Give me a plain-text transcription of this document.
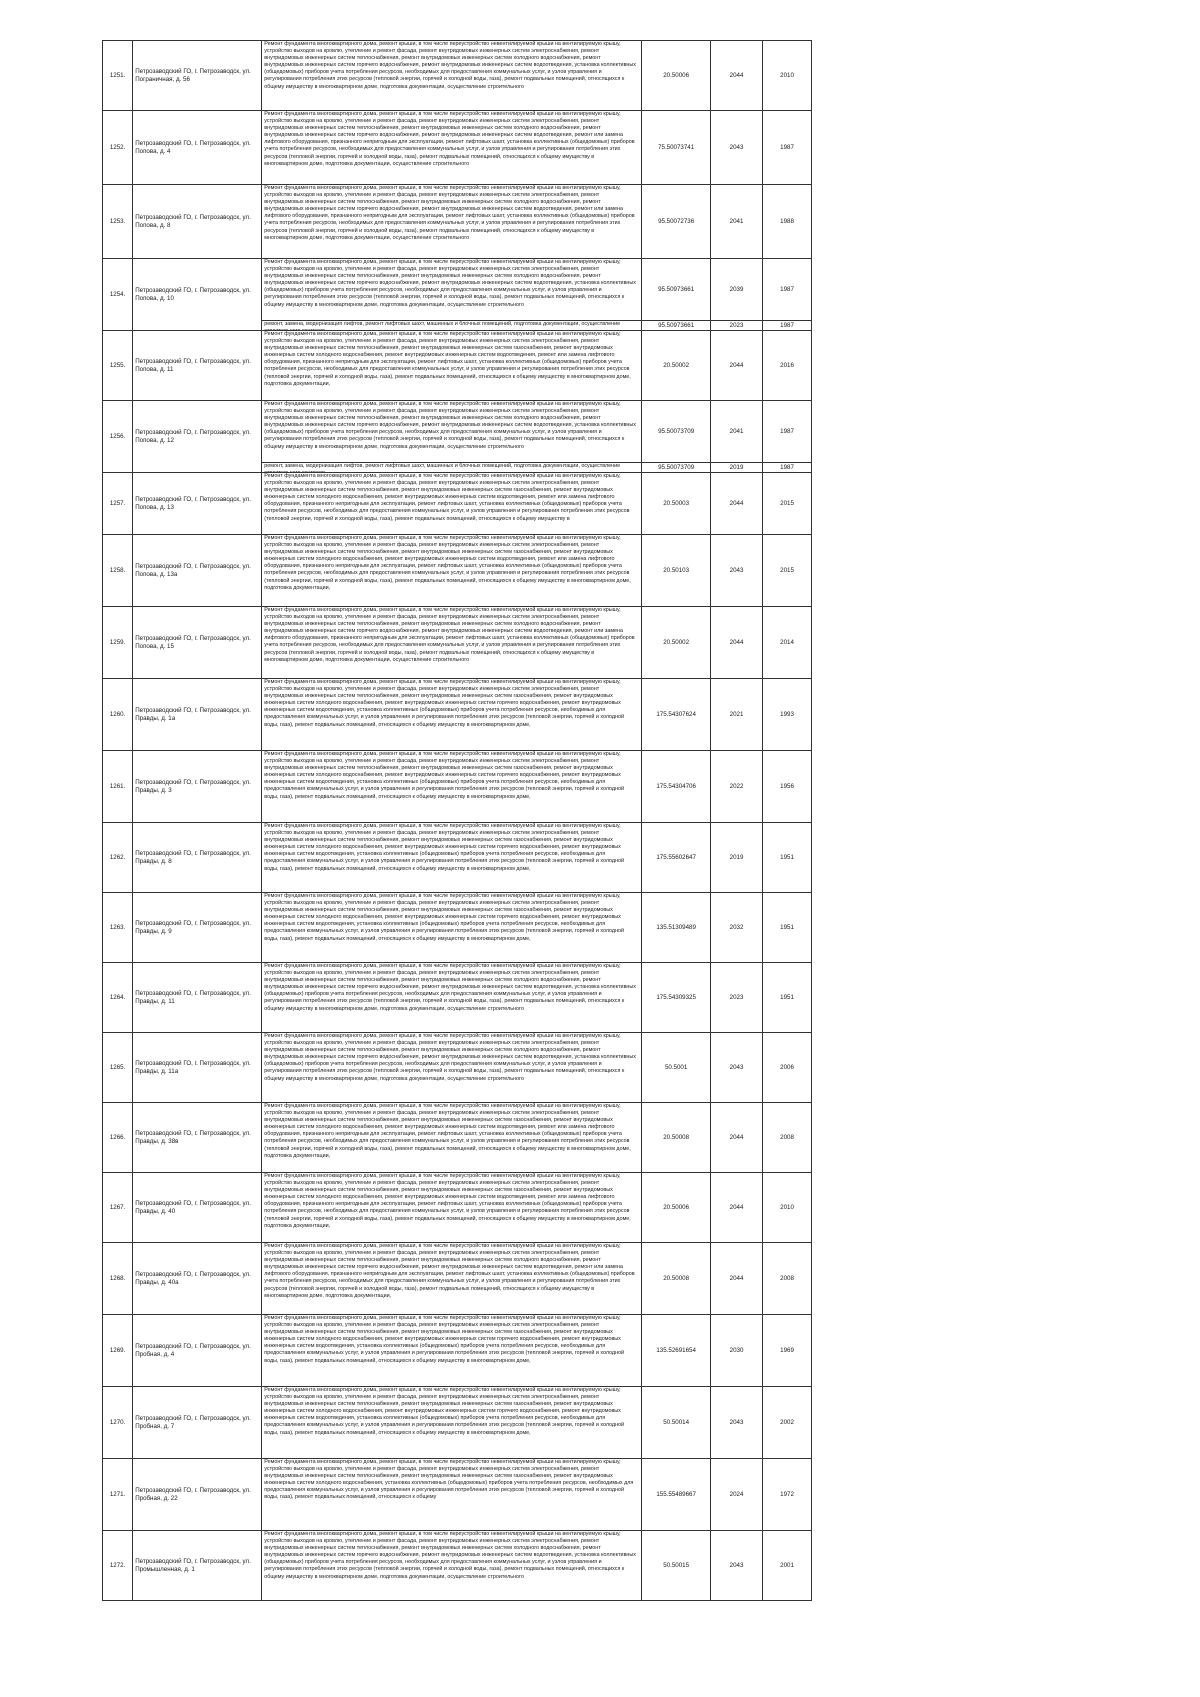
1251.	Петрозаводский ГО, г. Петрозаводск, ул. Пограничная, д. 56	Ремонт фундамента многоквартирного дома, ремонт крыши, в том числе переустройство невентилируемой крыши на вентилируемую крышу, устройство выходов на кровлю, утепление и ремонт фасада, ремонт внутридомовых инженерных систем электроснабжения, ремонт внутридомовых инженерных систем теплоснабжения, ремонт внутридомовых инженерных систем холодного водоснабжения, ремонт внутридомовых инженерных систем горячего водоснабжения, ремонт внутридомовых инженерных систем водоотведения, установка коллективных (общедомовых) приборов учета потребления ресурсов, необходимых для предоставления коммунальных услуг, и узлов управления и регулирования потребления этих ресурсов (тепловой энергии, горячей и холодной воды, газа), ремонт подвальных помещений, относящихся к общему имуществу в многоквартирном доме, подготовка документации, осуществление строительного	20.50006	2044	2010
1252.	Петрозаводский ГО, г. Петрозаводск, ул. Попова, д. 4	Ремонт фундамента многоквартирного дома, ремонт крыши, в том числе переустройство невентилируемой крыши на вентилируемую крышу, устройство выходов на кровлю, утепление и ремонт фасада, ремонт внутридомовых инженерных систем электроснабжения, ремонт внутридомовых инженерных систем теплоснабжения, ремонт внутридомовых инженерных систем холодного водоснабжения, ремонт внутридомовых инженерных систем горячего водоснабжения, ремонт внутридомовых инженерных систем водоотведения, ремонт или замена лифтового оборудования, признанного непригодным для эксплуатации, ремонт лифтовых шахт, установка коллективных (общедомовых) приборов учета потребления ресурсов, необходимых для предоставления коммунальных услуг, и узлов управления и регулирования потребления этих ресурсов (тепловой энергии, горячей и холодной воды, газа), ремонт подвальных помещений, относящихся к общему имуществу в многоквартирном доме, подготовка документации, осуществление строительного	75.50073741	2043	1987
1253.	Петрозаводский ГО, г. Петрозаводск, ул. Попова, д. 8	Ремонт фундамента многоквартирного дома, ремонт крыши, в том числе переустройство невентилируемой крыши на вентилируемую крышу, устройство выходов на кровлю, утепление и ремонт фасада, ремонт внутридомовых инженерных систем электроснабжения, ремонт внутридомовых инженерных систем теплоснабжения, ремонт внутридомовых инженерных систем холодного водоснабжения, ремонт внутридомовых инженерных систем горячего водоснабжения, ремонт внутридомовых инженерных систем водоотведения, ремонт или замена лифтового оборудования, признанного непригодным для эксплуатации, ремонт лифтовых шахт, установка коллективных (общедомовых) приборов учета потребления ресурсов, необходимых для предоставления коммунальных услуг, и узлов управления и регулирования потребления этих ресурсов (тепловой энергии, горячей и холодной воды, газа), ремонт подвальных помещений, относящихся к общему имуществу в многоквартирном доме, подготовка документации, осуществление строительного	95.50072736	2041	1988
1254.	Петрозаводский ГО, г. Петрозаводск, ул. Попова, д. 10	Ремонт фундамента многоквартирного дома, ремонт крыши, в том числе переустройство невентилируемой крыши на вентилируемую крышу, устройство выходов на кровлю, утепление и ремонт фасада, ремонт внутридомовых инженерных систем электроснабжения, ремонт внутридомовых инженерных систем теплоснабжения, ремонт внутридомовых инженерных систем холодного водоснабжения, ремонт внутридомовых инженерных систем горячего водоснабжения, ремонт внутридомовых инженерных систем водоотведения, установка коллективных (общедомовых) приборов учета потребления ресурсов, необходимых для предоставления коммунальных услуг, и узлов управления и регулирования потребления этих ресурсов (тепловой энергии, горячей и холодной воды, газа), ремонт подвальных помещений, относящихся к общему имуществу в многоквартирном доме, подготовка документации, осуществление строительного	95.50973661	2039	1987

		ремонт, замена, модернизация лифтов, ремонт лифтовых шахт, машинных и блочных помещений, подготовка документации, осуществление	95.50973661	2023	1987
1255.	Петрозаводский ГО, г. Петрозаводск, ул. Попова, д. 11	Ремонт фундамента многоквартирного дома, ремонт крыши, в том числе переустройство невентилируемой крыши на вентилируемую крышу, устройство выходов на кровлю, утепление и ремонт фасада, ремонт внутридомовых инженерных систем электроснабжения, ремонт внутридомовых инженерных систем теплоснабжения, ремонт внутридомовых инженерных систем газоснабжения, ремонт внутридомовых инженерных систем холодного водоснабжения, ремонт внутридомовых инженерных систем водоотведения, ремонт или замена лифтового оборудования, признанного непригодным для эксплуатации, ремонт лифтовых шахт, установка коллективных (общедомовых) приборов учета потребления ресурсов, необходимых для предоставления коммунальных услуг, и узлов управления и регулирования потребления этих ресурсов (тепловой энергии, горячей и холодной воды, газа), ремонт подвальных помещений, относящихся к общему имуществу в многоквартирном доме, подготовка документации,	20.50002	2044	2016
1256.	Петрозаводский ГО, г. Петрозаводск, ул. Попова, д. 12	Ремонт фундамента многоквартирного дома, ремонт крыши, в том числе переустройство невентилируемой крыши на вентилируемую крышу, устройство выходов на кровлю, утепление и ремонт фасада, ремонт внутридомовых инженерных систем электроснабжения, ремонт внутридомовых инженерных систем теплоснабжения, ремонт внутридомовых инженерных систем холодного водоснабжения, ремонт внутридомовых инженерных систем горячего водоснабжения, ремонт внутридомовых инженерных систем водоотведения, установка коллективных (общедомовых) приборов учета потребления ресурсов, необходимых для предоставления коммунальных услуг, и узлов управления и регулирования потребления этих ресурсов (тепловой энергии, горячей и холодной воды, газа), ремонт подвальных помещений, относящихся к общему имуществу в многоквартирном доме, подготовка документации, осуществление строительного	95.50073709	2041	1987

		ремонт, замена, модернизация лифтов, ремонт лифтовых шахт, машинных и блочных помещений, подготовка документации, осуществление	95.50073709	2019	1987
1257.	Петрозаводский ГО, г. Петрозаводск, ул. Попова, д. 13	Ремонт фундамента многоквартирного дома, ремонт крыши, в том числе переустройство невентилируемой крыши на вентилируемую крышу, устройство выходов на кровлю, утепление и ремонт фасада, ремонт внутридомовых инженерных систем электроснабжения, ремонт внутридомовых инженерных систем теплоснабжения, ремонт внутридомовых инженерных систем газоснабжения, ремонт внутридомовых инженерных систем холодного водоснабжения, ремонт внутридомовых инженерных систем водоотведения, ремонт или замена лифтового оборудования, признанного непригодным для эксплуатации, ремонт лифтовых шахт, установка коллективных (общедомовых) приборов учета потребления ресурсов, необходимых для предоставления коммунальных услуг, и узлов управления и регулирования потребления этих ресурсов (тепловой энергии, горячей и холодной воды, газа), ремонт подвальных помещений, относящихся к общему имуществу в	20.50003	2044	2015
1258.	Петрозаводский ГО, г. Петрозаводск, ул. Попова, д. 13а	Ремонт фундамента многоквартирного дома, ремонт крыши, в том числе переустройство невентилируемой крыши на вентилируемую крышу, устройство выходов на кровлю, утепление и ремонт фасада, ремонт внутридомовых инженерных систем электроснабжения, ремонт внутридомовых инженерных систем теплоснабжения, ремонт внутридомовых инженерных систем газоснабжения, ремонт внутридомовых инженерных систем холодного водоснабжения, ремонт внутридомовых инженерных систем водоотведения, ремонт или замена лифтового оборудования, признанного непригодным для эксплуатации, ремонт лифтовых шахт, установка коллективных (общедомовых) приборов учета потребления ресурсов, необходимых для предоставления коммунальных услуг, и узлов управления и регулирования потребления этих ресурсов (тепловой энергии, горячей и холодной воды, газа), ремонт подвальных помещений, относящихся к общему имуществу в многоквартирном доме, подготовка документации,	20.50103	2043	2015
1259.	Петрозаводский ГО, г. Петрозаводск, ул. Попова, д. 15	Ремонт фундамента многоквартирного дома, ремонт крыши, в том числе переустройство невентилируемой крыши на вентилируемую крышу, устройство выходов на кровлю, утепление и ремонт фасада, ремонт внутридомовых инженерных систем электроснабжения, ремонт внутридомовых инженерных систем теплоснабжения, ремонт внутридомовых инженерных систем холодного водоснабжения, ремонт внутридомовых инженерных систем горячего водоснабжения, ремонт внутридомовых инженерных систем водоотведения, ремонт или замена лифтового оборудования, признанного непригодным для эксплуатации, ремонт лифтовых шахт, установка коллективных (общедомовых) приборов учета потребления ресурсов, необходимых для предоставления коммунальных услуг, и узлов управления и регулирования потребления этих ресурсов (тепловой энергии, горячей и холодной воды, газа), ремонт подвальных помещений, относящихся к общему имуществу в многоквартирном доме, подготовка документации, осуществление строительного	20.50002	2044	2014
1260.	Петрозаводский ГО, г. Петрозаводск, ул. Правды, д. 1а	Ремонт фундамента многоквартирного дома, ремонт крыши, в том числе переустройство невентилируемой крыши на вентилируемую крышу, устройство выходов на кровлю, утепление и ремонт фасада, ремонт внутридомовых инженерных систем электроснабжения, ремонт внутридомовых инженерных систем теплоснабжения, ремонт внутридомовых инженерных систем газоснабжения, ремонт внутридомовых инженерных систем холодного водоснабжения, ремонт внутридомовых инженерных систем горячего водоснабжения, ремонт внутридомовых инженерных систем водоотведения, установка коллективных (общедомовых) приборов учета потребления ресурсов, необходимых для предоставления коммунальных услуг, и узлов управления и регулирования потребления этих ресурсов (тепловой энергии, горячей и холодной воды, газа), ремонт подвальных помещений, относящихся к общему имуществу в многоквартирном доме,	175.54307624	2021	1993
1261.	Петрозаводский ГО, г. Петрозаводск, ул. Правды, д. 3	Ремонт фундамента многоквартирного дома, ремонт крыши, в том числе переустройство невентилируемой крыши на вентилируемую крышу, устройство выходов на кровлю, утепление и ремонт фасада, ремонт внутридомовых инженерных систем электроснабжения, ремонт внутридомовых инженерных систем теплоснабжения, ремонт внутридомовых инженерных систем газоснабжения, ремонт внутридомовых инженерных систем холодного водоснабжения, ремонт внутридомовых инженерных систем горячего водоснабжения, ремонт внутридомовых инженерных систем водоотведения, установка коллективных (общедомовых) приборов учета потребления ресурсов, необходимых для предоставления коммунальных услуг, и узлов управления и регулирования потребления этих ресурсов (тепловой энергии, горячей и холодной воды, газа), ремонт подвальных помещений, относящихся к общему имуществу в многоквартирном доме,	175.54304706	2022	1956
1262.	Петрозаводский ГО, г. Петрозаводск, ул. Правды, д. 8	Ремонт фундамента многоквартирного дома, ремонт крыши, в том числе переустройство невентилируемой крыши на вентилируемую крышу, устройство выходов на кровлю, утепление и ремонт фасада, ремонт внутридомовых инженерных систем электроснабжения, ремонт внутридомовых инженерных систем теплоснабжения, ремонт внутридомовых инженерных систем газоснабжения, ремонт внутридомовых инженерных систем холодного водоснабжения, ремонт внутридомовых инженерных систем горячего водоснабжения, ремонт внутридомовых инженерных систем водоотведения, установка коллективных (общедомовых) приборов учета потребления ресурсов, необходимых для предоставления коммунальных услуг, и узлов управления и регулирования потребления этих ресурсов (тепловой энергии, горячей и холодной воды, газа), ремонт подвальных помещений, относящихся к общему имуществу в многоквартирном доме,	175.55602647	2019	1951
1263.	Петрозаводский ГО, г. Петрозаводск, ул. Правды, д. 9	Ремонт фундамента многоквартирного дома, ремонт крыши, в том числе переустройство невентилируемой крыши на вентилируемую крышу, устройство выходов на кровлю, утепление и ремонт фасада, ремонт внутридомовых инженерных систем электроснабжения, ремонт внутридомовых инженерных систем теплоснабжения, ремонт внутридомовых инженерных систем газоснабжения, ремонт внутридомовых инженерных систем холодного водоснабжения, ремонт внутридомовых инженерных систем горячего водоснабжения, ремонт внутридомовых инженерных систем водоотведения, установка коллективных (общедомовых) приборов учета потребления ресурсов, необходимых для предоставления коммунальных услуг, и узлов управления и регулирования потребления этих ресурсов (тепловой энергии, горячей и холодной воды, газа), ремонт подвальных помещений, относящихся к общему имуществу в многоквартирном доме,	135.51309489	2032	1951
1264.	Петрозаводский ГО, г. Петрозаводск, ул. Правды, д. 11	Ремонт фундамента многоквартирного дома, ремонт крыши, в том числе переустройство невентилируемой крыши на вентилируемую крышу, устройство выходов на кровлю, утепление и ремонт фасада, ремонт внутридомовых инженерных систем электроснабжения, ремонт внутридомовых инженерных систем теплоснабжения, ремонт внутридомовых инженерных систем холодного водоснабжения, ремонт внутридомовых инженерных систем горячего водоснабжения, ремонт внутридомовых инженерных систем водоотведения, установка коллективных (общедомовых) приборов учета потребления ресурсов, необходимых для предоставления коммунальных услуг, и узлов управления и регулирования потребления этих ресурсов (тепловой энергии, горячей и холодной воды, газа), ремонт подвальных помещений, относящихся к общему имуществу в многоквартирном доме, подготовка документации, осуществление строительного	175.54309325	2023	1951
1265.	Петрозаводский ГО, г. Петрозаводск, ул. Правды, д. 11а	Ремонт фундамента многоквартирного дома, ремонт крыши, в том числе переустройство невентилируемой крыши на вентилируемую крышу, устройство выходов на кровлю, утепление и ремонт фасада, ремонт внутридомовых инженерных систем электроснабжения, ремонт внутридомовых инженерных систем теплоснабжения, ремонт внутридомовых инженерных систем холодного водоснабжения, ремонт внутридомовых инженерных систем горячего водоснабжения, ремонт внутридомовых инженерных систем водоотведения, установка коллективных (общедомовых) приборов учета потребления ресурсов, необходимых для предоставления коммунальных услуг, и узлов управления и регулирования потребления этих ресурсов (тепловой энергии, горячей и холодной воды, газа), ремонт подвальных помещений, относящихся к общему имуществу в многоквартирном доме, подготовка документации, осуществление строительного	50.5001	2043	2006
1266.	Петрозаводский ГО, г. Петрозаводск, ул. Правды, д. 38в	Ремонт фундамента многоквартирного дома, ремонт крыши, в том числе переустройство невентилируемой крыши на вентилируемую крышу, устройство выходов на кровлю, утепление и ремонт фасада, ремонт внутридомовых инженерных систем электроснабжения, ремонт внутридомовых инженерных систем теплоснабжения, ремонт внутридомовых инженерных систем газоснабжения, ремонт внутридомовых инженерных систем холодного водоснабжения, ремонт внутридомовых инженерных систем водоотведения, ремонт или замена лифтового оборудования, признанного непригодным для эксплуатации, ремонт лифтовых шахт, установка коллективных (общедомовых) приборов учета потребления ресурсов, необходимых для предоставления коммунальных услуг, и узлов управления и регулирования потребления этих ресурсов (тепловой энергии, горячей и холодной воды, газа), ремонт подвальных помещений, относящихся к общему имуществу в многоквартирном доме, подготовка документации,	20.50008	2044	2008
1267.	Петрозаводский ГО, г. Петрозаводск, ул. Правды, д. 40	Ремонт фундамента многоквартирного дома, ремонт крыши, в том числе переустройство невентилируемой крыши на вентилируемую крышу, устройство выходов на кровлю, утепление и ремонт фасада, ремонт внутридомовых инженерных систем электроснабжения, ремонт внутридомовых инженерных систем теплоснабжения, ремонт внутридомовых инженерных систем газоснабжения, ремонт внутридомовых инженерных систем холодного водоснабжения, ремонт внутридомовых инженерных систем водоотведения, ремонт или замена лифтового оборудования, признанного непригодным для эксплуатации, ремонт лифтовых шахт, установка коллективных (общедомовых) приборов учета потребления ресурсов, необходимых для предоставления коммунальных услуг, и узлов управления и регулирования потребления этих ресурсов (тепловой энергии, горячей и холодной воды, газа), ремонт подвальных помещений, относящихся к общему имуществу в многоквартирном доме, подготовка документации,	20.50006	2044	2010
1268.	Петрозаводский ГО, г. Петрозаводск, ул. Правды, д. 40а	Ремонт фундамента многоквартирного дома, ремонт крыши, в том числе переустройство невентилируемой крыши на вентилируемую крышу, устройство выходов на кровлю, утепление и ремонт фасада, ремонт внутридомовых инженерных систем электроснабжения, ремонт внутридомовых инженерных систем теплоснабжения, ремонт внутридомовых инженерных систем холодного водоснабжения, ремонт внутридомовых инженерных систем горячего водоснабжения, ремонт внутридомовых инженерных систем водоотведения, ремонт или замена лифтового оборудования, признанного непригодным для эксплуатации, ремонт лифтовых шахт, установка коллективных (общедомовых) приборов учета потребления ресурсов, необходимых для предоставления коммунальных услуг, и узлов управления и регулирования потребления этих ресурсов (тепловой энергии, горячей и холодной воды, газа), ремонт подвальных помещений, относящихся к общему имуществу в многоквартирном доме, подготовка документации,	20.50008	2044	2008
1269.	Петрозаводский ГО, г. Петрозаводск, ул. Пробная, д. 4	Ремонт фундамента многоквартирного дома, ремонт крыши, в том числе переустройство невентилируемой крыши на вентилируемую крышу, устройство выходов на кровлю, утепление и ремонт фасада, ремонт внутридомовых инженерных систем электроснабжения, ремонт внутридомовых инженерных систем теплоснабжения, ремонт внутридомовых инженерных систем газоснабжения, ремонт внутридомовых инженерных систем холодного водоснабжения, ремонт внутридомовых инженерных систем горячего водоснабжения, ремонт внутридомовых инженерных систем водоотведения, установка коллективных (общедомовых) приборов учета потребления ресурсов, необходимых для предоставления коммунальных услуг, и узлов управления и регулирования потребления этих ресурсов (тепловой энергии, горячей и холодной воды, газа), ремонт подвальных помещений, относящихся к общему имуществу в многоквартирном доме,	135.52691654	2030	1969
1270.	Петрозаводский ГО, г. Петрозаводск, ул. Пробная, д. 7	Ремонт фундамента многоквартирного дома, ремонт крыши, в том числе переустройство невентилируемой крыши на вентилируемую крышу, устройство выходов на кровлю, утепление и ремонт фасада, ремонт внутридомовых инженерных систем электроснабжения, ремонт внутридомовых инженерных систем теплоснабжения, ремонт внутридомовых инженерных систем газоснабжения, ремонт внутридомовых инженерных систем холодного водоснабжения, ремонт внутридомовых инженерных систем горячего водоснабжения, ремонт внутридомовых инженерных систем водоотведения, установка коллективных (общедомовых) приборов учета потребления ресурсов, необходимых для предоставления коммунальных услуг, и узлов управления и регулирования потребления этих ресурсов (тепловой энергии, горячей и холодной воды, газа), ремонт подвальных помещений, относящихся к общему имуществу в многоквартирном доме,	50.50014	2043	2002
1271.	Петрозаводский ГО, г. Петрозаводск, ул. Пробная, д. 22	Ремонт фундамента многоквартирного дома, ремонт крыши, в том числе переустройство невентилируемой крыши на вентилируемую крышу, устройство выходов на кровлю, утепление и ремонт фасада, ремонт внутридомовых инженерных систем электроснабжения, ремонт внутридомовых инженерных систем теплоснабжения, ремонт внутридомовых инженерных систем газоснабжения, ремонт внутридомовых инженерных систем холодного водоснабжения, установка коллективных (общедомовых) приборов учета потребления ресурсов, необходимых для предоставления коммунальных услуг, и узлов управления и регулирования потребления этих ресурсов (тепловой энергии, горячей и холодной воды, газа), ремонт подвальных помещений, относящихся к общему	155.55489667	2024	1972
1272.	Петрозаводский ГО, г. Петрозаводск, ул. Промышленная, д. 1	Ремонт фундамента многоквартирного дома, ремонт крыши, в том числе переустройство невентилируемой крыши на вентилируемую крышу, устройство выходов на кровлю, утепление и ремонт фасада, ремонт внутридомовых инженерных систем электроснабжения, ремонт внутридомовых инженерных систем теплоснабжения, ремонт внутридомовых инженерных систем холодного водоснабжения, ремонт внутридомовых инженерных систем горячего водоснабжения, ремонт внутридомовых инженерных систем водоотведения, установка коллективных (общедомовых) приборов учета потребления ресурсов, необходимых для предоставления коммунальных услуг, и узлов управления и регулирования потребления этих ресурсов (тепловой энергии, горячей и холодной воды, газа), ремонт подвальных помещений, относящихся к общему имуществу в многоквартирном доме, подготовка документации, осуществление строительного	50.50015	2043	2001
